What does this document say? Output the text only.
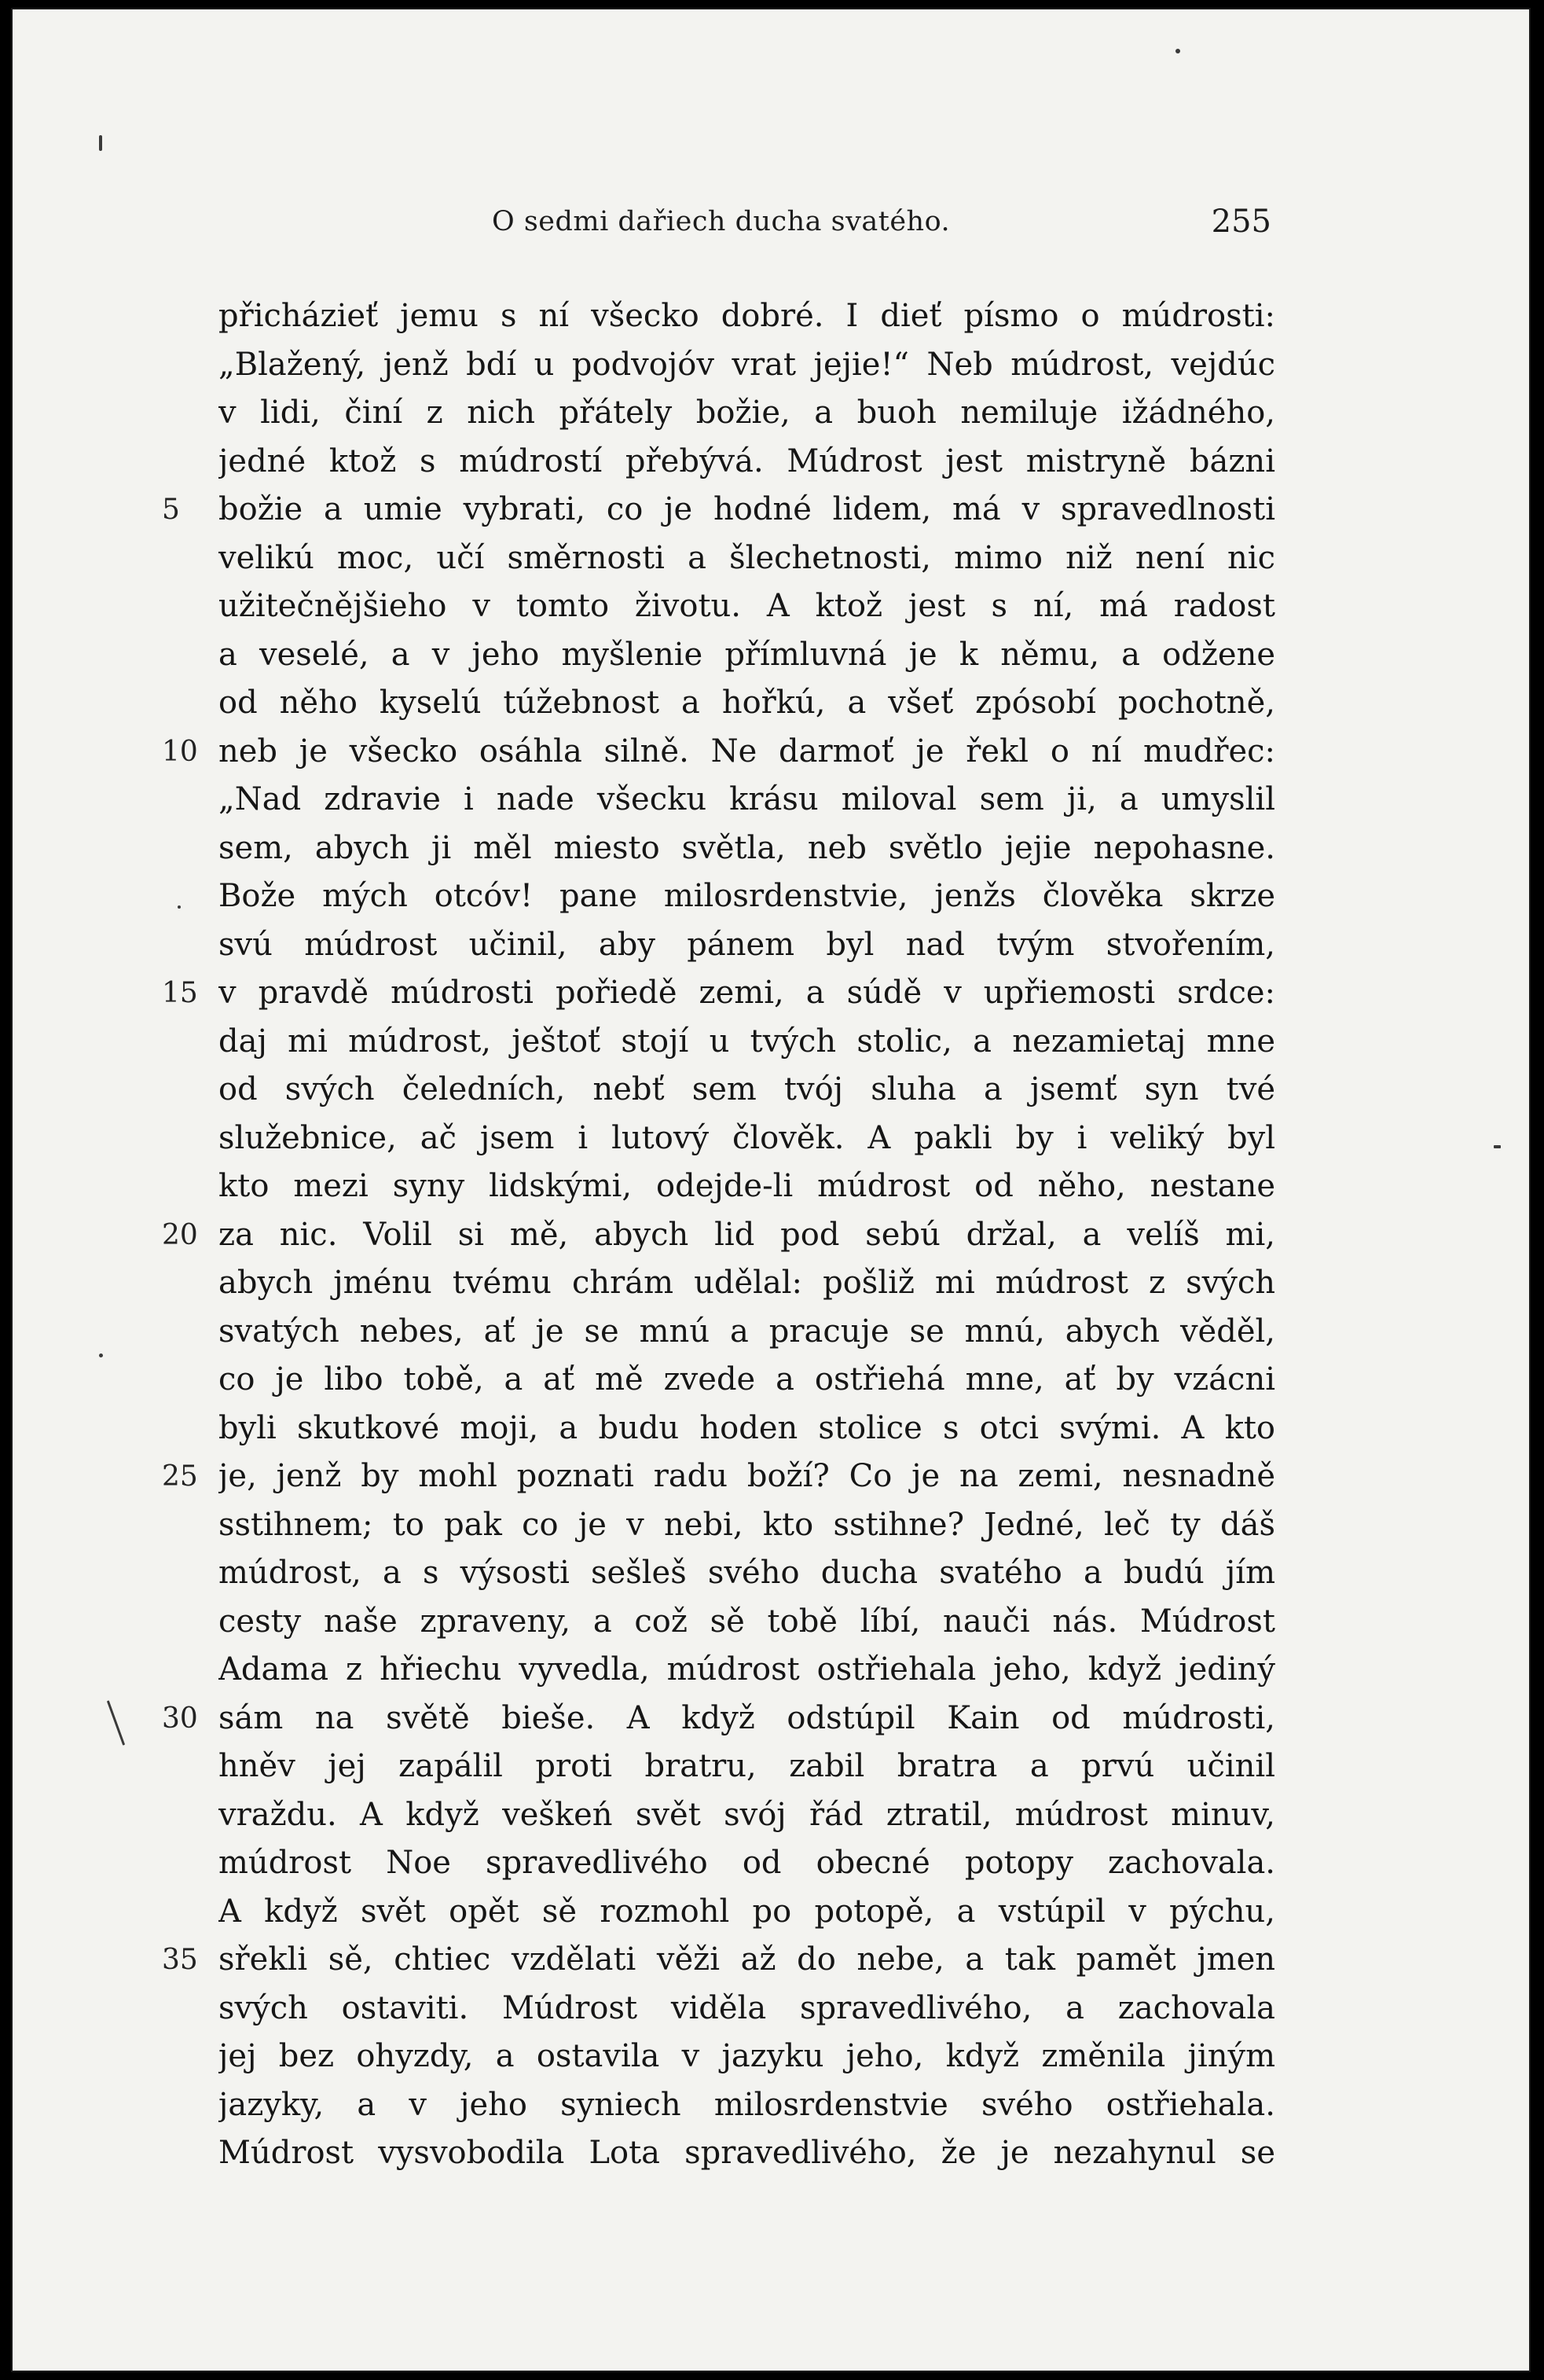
O sedmi dařiech ducha svatého.	255
přicházieť jemu s ní všecko dobré. I dieť písmo o múdrosti:
„Blažený, jenž bdí u podvojóv vrat jejie!“ Neb múdrost, vejdúc
v lidi, činí z nich přátely božie, a buoh nemiluje ižádného,
jedné ktož s múdrostí přebývá. Múdrost jest mistryně bázni
5	božie a umie vybrati, co je hodné lidem, má v spravedlnosti
velikú moc, učí směrnosti a šlechetnosti, mimo niž není nic
užitečnějšieho v tomto životu. A ktož jest s ní, má radost
a veselé, a v jeho myšlenie přímluvná je k němu, a odžene
od něho kyselú túžebnost a hořkú, a všeť zpósobí pochotně,
10 neb je všecko osáhla silně. Ne darmoť je řekl o ní mudřec:
„Nad zdravie i nade všecku krásu miloval sem ji, a umyslil
sem, abych ji měl miesto světla, neb světlo jejie nepohasne.
Bože mých otcóv! pane milosrdenstvie, jenžs člověka skrze
svú múdrost učinil, aby pánem byl nad tvým stvořením,
15 v pravdě múdrosti pořiedě zemi, a súdě v upřiemosti srdce:
daj mi múdrost, ještoť stojí u tvých stolic, a nezamietaj mne
od svých čeledních, nebť sem tvój sluha a jsemť syn tvé
služebnice, ač jsem i lutový člověk. A pakli by i veliký byl
kto mezi syny lidskými, odejde-li múdrost od něho, nestane
20 za nic. Volil si mě, abych lid pod sebú držal, a velíš mi,
abych jménu tvému chrám udělal: pošliž mi múdrost z svých
svatých nebes, ať je se mnú a pracuje se mnú, abych věděl,
co je libo tobě, a ať mě zvede a ostřiehá mne, ať by vzácni
byli skutkové moji, a budu hoden stolice s otci svými. A kto
25 je, jenž by mohl poznati radu boží? Co je na zemi, nesnadně
sstihnem; to pak co je v nebi, kto sstihne? Jedné, leč ty dáš
múdrost, a s výsosti sešleš svého ducha svatého a budú jím
cesty naše zpraveny, a což sě tobě líbí, nauči nás. Múdrost
Adama z hřiechu vyvedla, múdrost ostřiehala jeho, když jediný
30 sám na světě bieše. A když odstúpil Kain od múdrosti,
hněv jej zapálil proti bratru, zabil bratra a prvú učinil
vraždu. A když veškeń svět svój řád ztratil, múdrost minuv,
múdrost Noe spravedlivého od obecné potopy zachovala.
A když svět opět sě rozmohl po potopě, a vstúpil v pýchu,
35 sřekli sě, chtiec vzdělati věži až do nebe, a tak pamět jmen
svých ostaviti. Múdrost viděla spravedlivého, a zachovala
jej bez ohyzdy, a ostavila v jazyku jeho, když změnila jiným
jazyky, a v jeho syniech milosrdenstvie svého ostřiehala.
Múdrost vysvobodila Lota spravedlivého, že je nezahynul se
